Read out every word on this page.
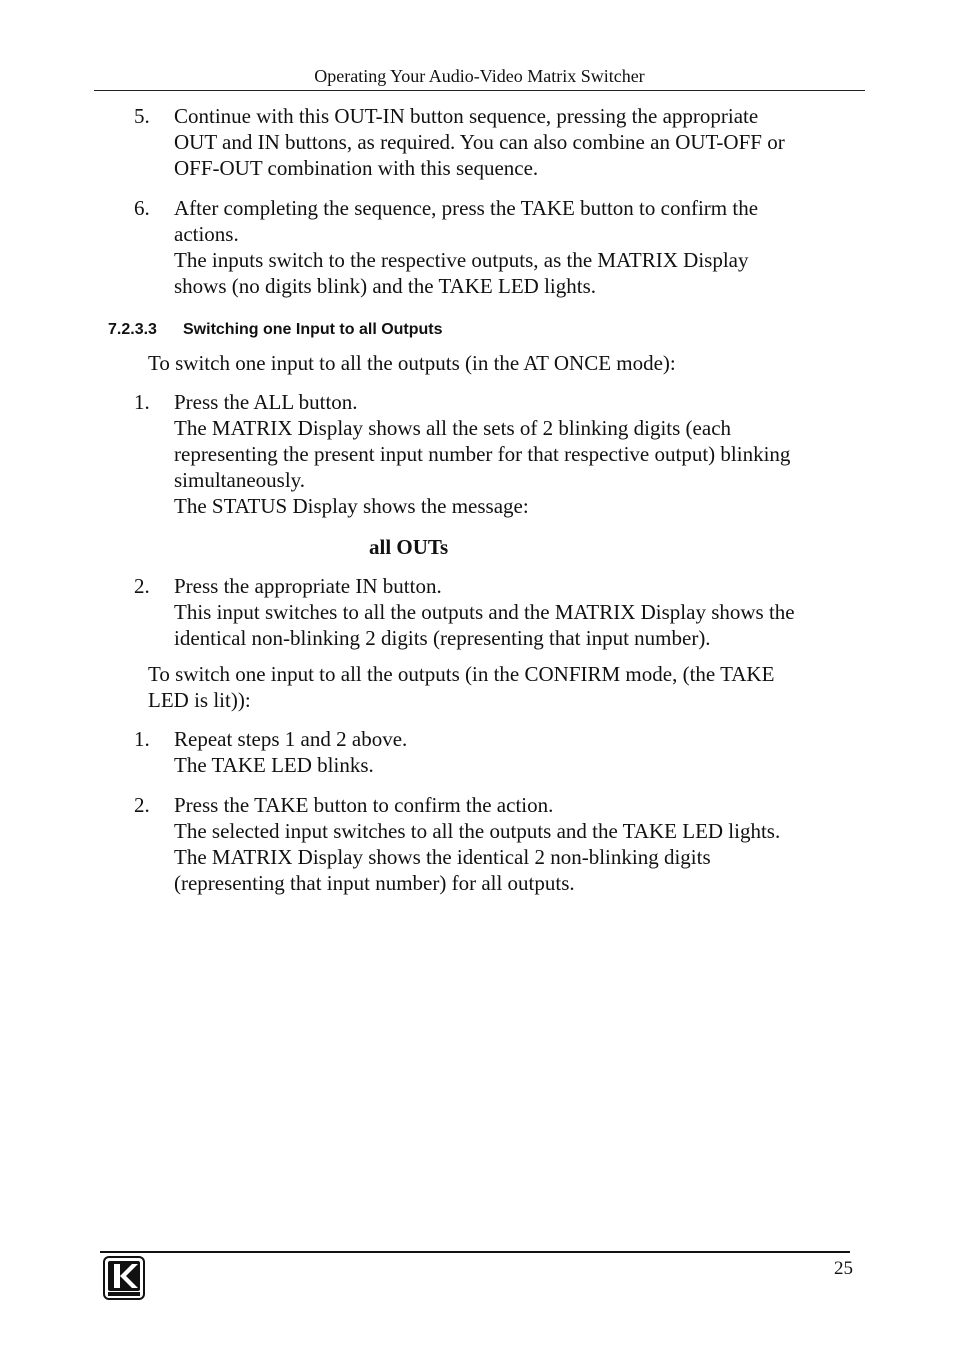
Operating Your Audio-Video Matrix Switcher
5.	Continue with this OUT-IN button sequence, pressing the appropriate
OUT and IN buttons, as required. You can also combine an OUT-OFF or
OFF-OUT combination with this sequence.
6.	After completing the sequence, press the TAKE button to confirm the
actions.
The inputs switch to the respective outputs, as the MATRIX Display
shows (no digits blink) and the TAKE LED lights.
7.2.3.3 Switching one Input to all Outputs
To switch one input to all the outputs (in the AT ONCE mode):
1.	Press the ALL button.
The MATRIX Display shows all the sets of 2 blinking digits (each
representing the present input number for that respective output) blinking
simultaneously.
The STATUS Display shows the message:
all OUTs
2.	Press the appropriate IN button.
This input switches to all the outputs and the MATRIX Display shows the
identical non-blinking 2 digits (representing that input number).
To switch one input to all the outputs (in the CONFIRM mode, (the TAKE
LED is lit)):
1.	Repeat steps 1 and 2 above.
The TAKE LED blinks.
2.	Press the TAKE button to confirm the action.
The selected input switches to all the outputs and the TAKE LED lights.
The MATRIX Display shows the identical 2 non-blinking digits
(representing that input number) for all outputs.
25
